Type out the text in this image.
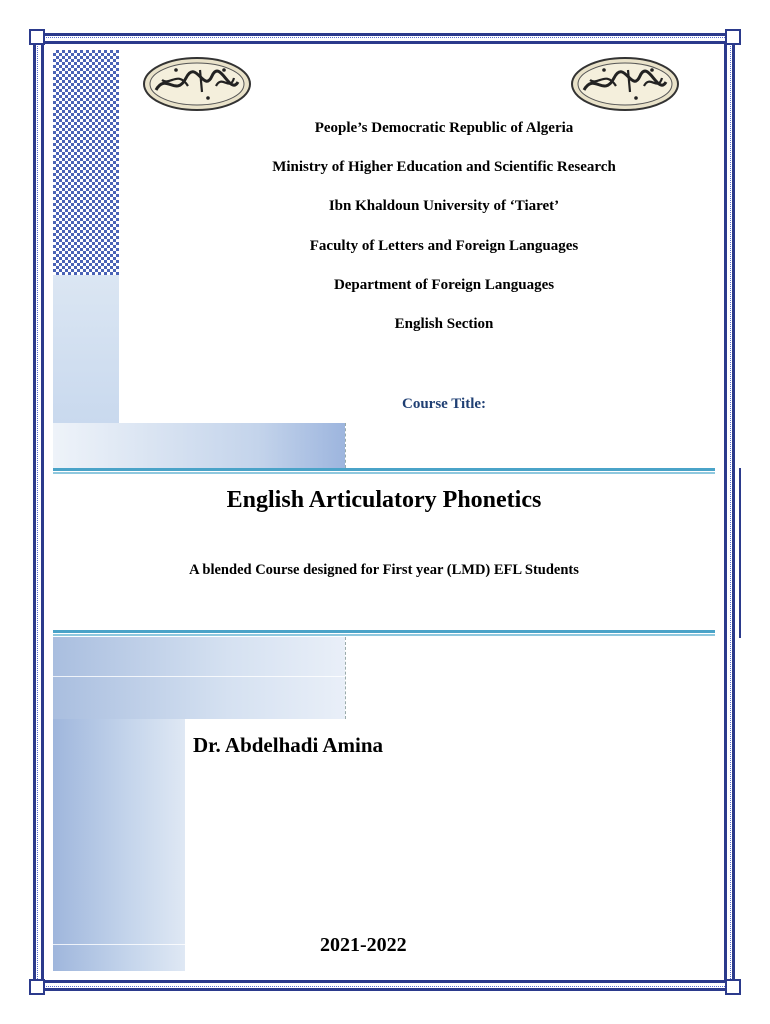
People’s Democratic Republic of Algeria
Ministry of Higher Education and Scientific Research
Ibn Khaldoun University of ‘Tiaret’
Faculty of Letters and Foreign Languages
Department of Foreign Languages
English Section
Course Title:
English Articulatory Phonetics
A blended Course designed for First year (LMD) EFL Students
Dr. Abdelhadi Amina
2021-2022
